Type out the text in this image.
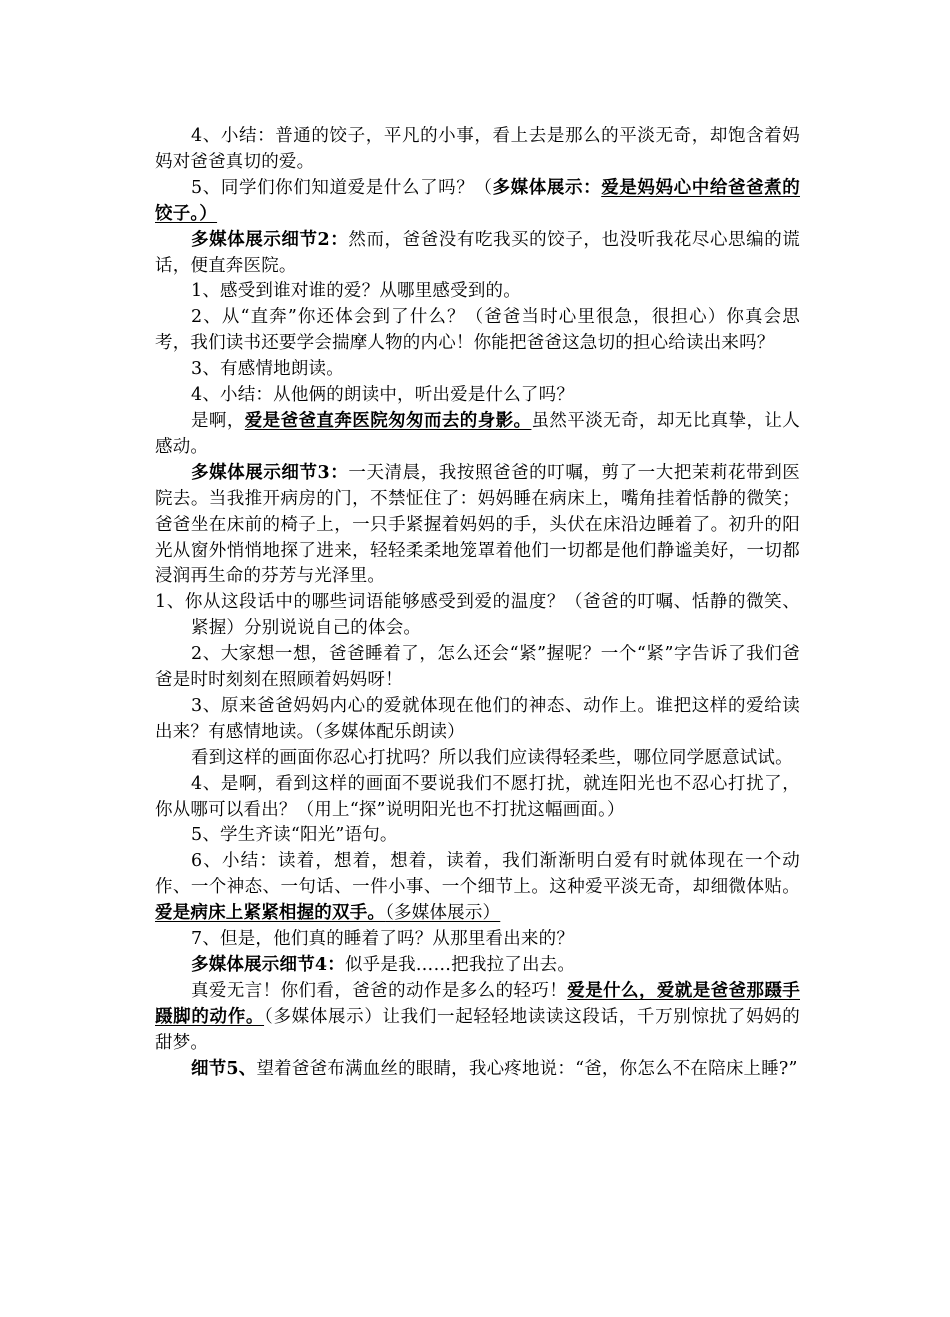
4、小结：普通的饺子，平凡的小事，看上去是那么的平淡无奇，却饱含着妈妈对爸爸真切的爱。

5、同学们你们知道爱是什么了吗？（多媒体展示：爱是妈妈心中给爸爸煮的饺子。）

多媒体展示细节2：然而，爸爸没有吃我买的饺子，也没听我花尽心思编的谎话，便直奔医院。

1、感受到谁对谁的爱？从哪里感受到的。

2、从“直奔”你还体会到了什么？（爸爸当时心里很急，很担心）你真会思考，我们读书还要学会揣摩人物的内心！你能把爸爸这急切的担心给读出来吗？

3、有感情地朗读。

4、小结：从他俩的朗读中，听出爱是什么了吗？

是啊，爱是爸爸直奔医院匆匆而去的身影。虽然平淡无奇，却无比真挚，让人感动。

多媒体展示细节3：一天清晨，我按照爸爸的叮嘱，剪了一大把茉莉花带到医院去。当我推开病房的门，不禁怔住了：妈妈睡在病床上，嘴角挂着恬静的微笑；爸爸坐在床前的椅子上，一只手紧握着妈妈的手，头伏在床沿边睡着了。初升的阳光从窗外悄悄地探了进来，轻轻柔柔地笼罩着他们一切都是他们静谧美好，一切都浸润再生命的芬芳与光泽里。

1、你从这段话中的哪些词语能够感受到爱的温度？（爸爸的叮嘱、恬静的微笑、紧握）分别说说自己的体会。

2、大家想一想，爸爸睡着了，怎么还会“紧”握呢？一个“紧”字告诉了我们爸爸是时时刻刻在照顾着妈妈呀！

3、原来爸爸妈妈内心的爱就体现在他们的神态、动作上。谁把这样的爱给读出来？有感情地读。（多媒体配乐朗读）

看到这样的画面你忍心打扰吗？所以我们应读得轻柔些，哪位同学愿意试试。

4、是啊，看到这样的画面不要说我们不愿打扰，就连阳光也不忍心打扰了，你从哪可以看出？（用上“探”说明阳光也不打扰这幅画面。）

5、学生齐读“阳光”语句。

6、小结：读着，想着，想着，读着，我们渐渐明白爱有时就体现在一个动作、一个神态、一句话、一件小事、一个细节上。这种爱平淡无奇，却细微体贴。爱是病床上紧紧相握的双手。（多媒体展示）

7、但是，他们真的睡着了吗？从那里看出来的？

多媒体展示细节4：似乎是我……把我拉了出去。

真爱无言！你们看，爸爸的动作是多么的轻巧！爱是什么，爱就是爸爸那蹑手蹑脚的动作。（多媒体展示）让我们一起轻轻地读读这段话，千万别惊扰了妈妈的甜梦。

细节5、望着爸爸布满血丝的眼睛，我心疼地说：“爸，你怎么不在陪床上睡?”
